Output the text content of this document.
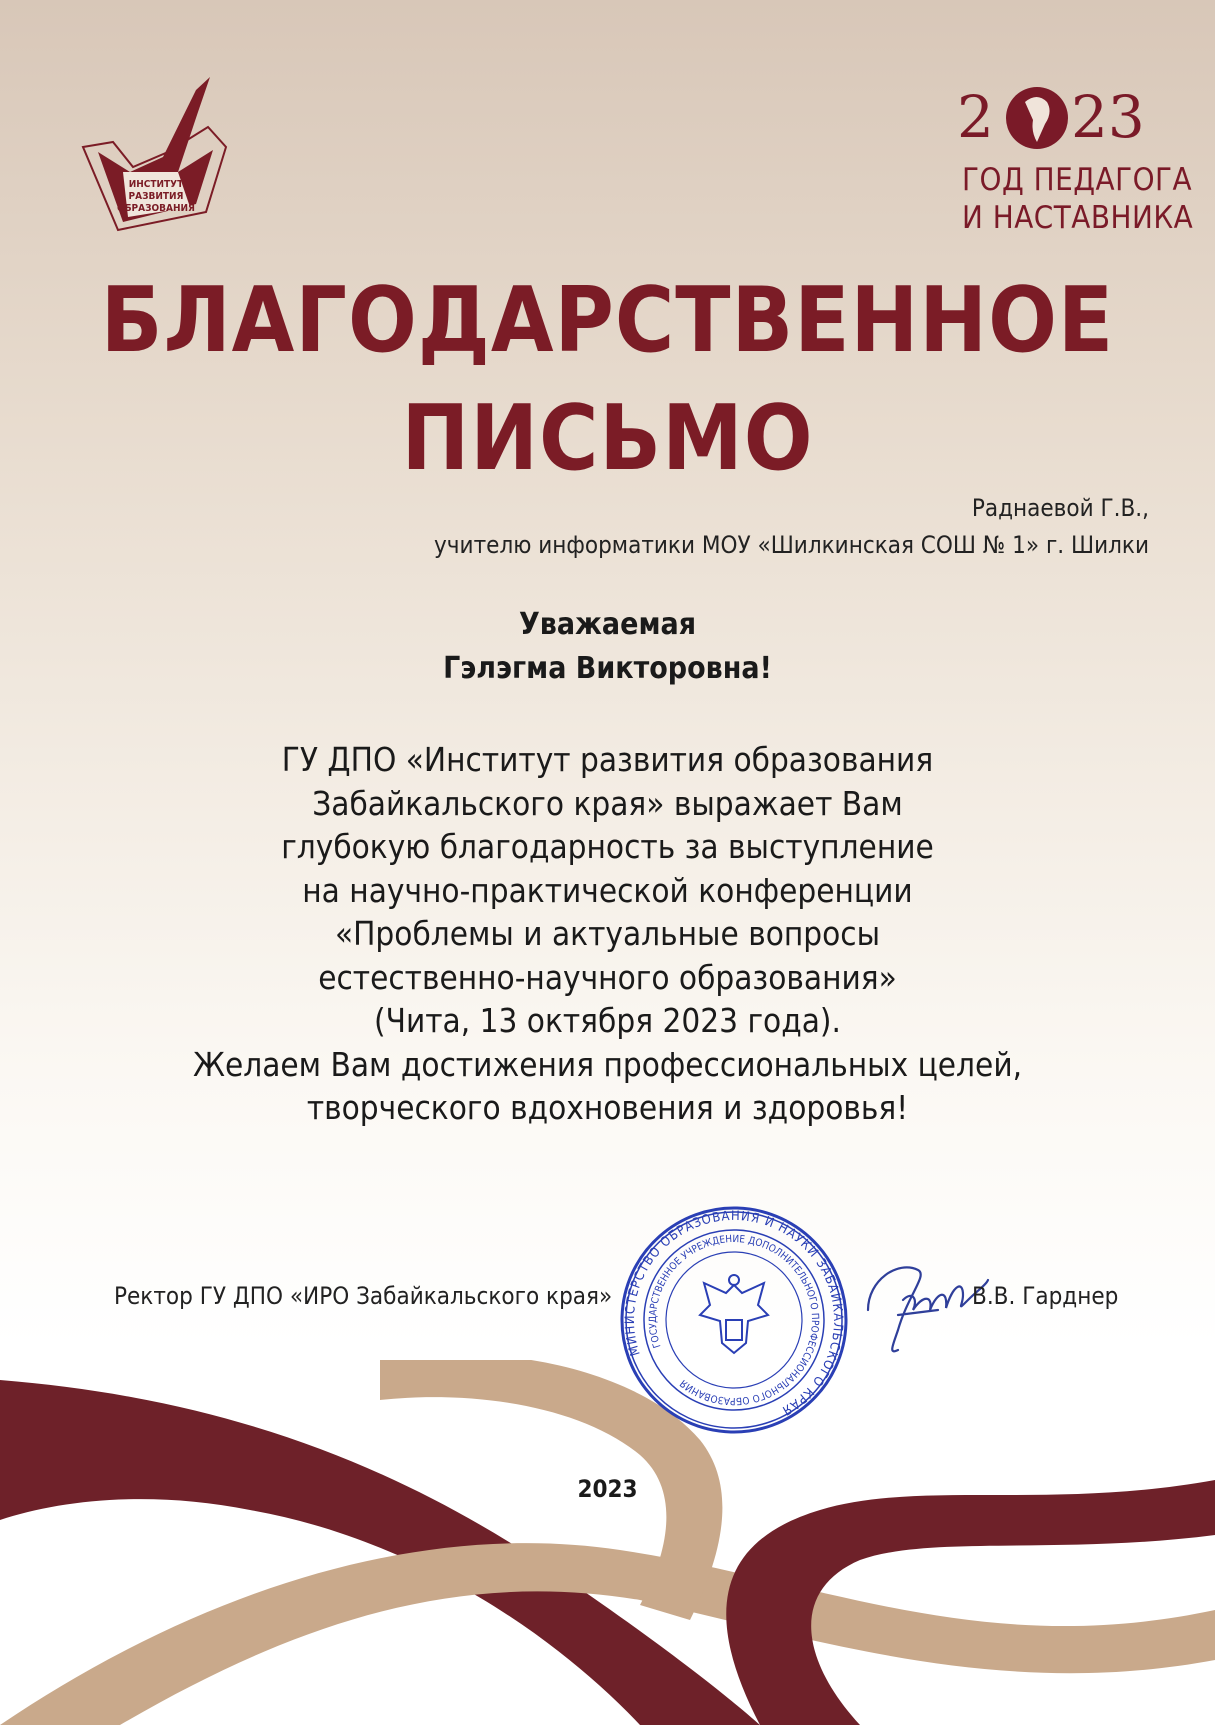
ИНСТИТУТ
РАЗВИТИЯ
ОБРАЗОВАНИЯ
2 23
ГОД ПЕДАГОГА
И НАСТАВНИКА
БЛАГОДАРСТВЕННОЕ
ПИСЬМО
Раднаевой Г.В.,
учителю информатики МОУ «Шилкинская СОШ № 1» г. Шилки
Уважаемая
Гэлэгма Викторовна!
ГУ ДПО «Институт развития образования
Забайкальского края» выражает Вам
глубокую благодарность за выступление
на научно-практической конференции
«Проблемы и актуальные вопросы
естественно-научного образования»
(Чита, 13 октября 2023 года).
Желаем Вам достижения профессиональных целей,
творческого вдохновения и здоровья!
Ректор ГУ ДПО «ИРО Забайкальского края»
МИНИСТЕРСТВО ОБРАЗОВАНИЯ И НАУКИ ЗАБАЙКАЛЬСКОГО КРАЯ
ГОСУДАРСТВЕННОЕ УЧРЕЖДЕНИЕ ДОПОЛНИТЕЛЬНОГО ПРОФЕССИОНАЛЬНОГО ОБРАЗОВАНИЯ
В.В. Гарднер
2023
